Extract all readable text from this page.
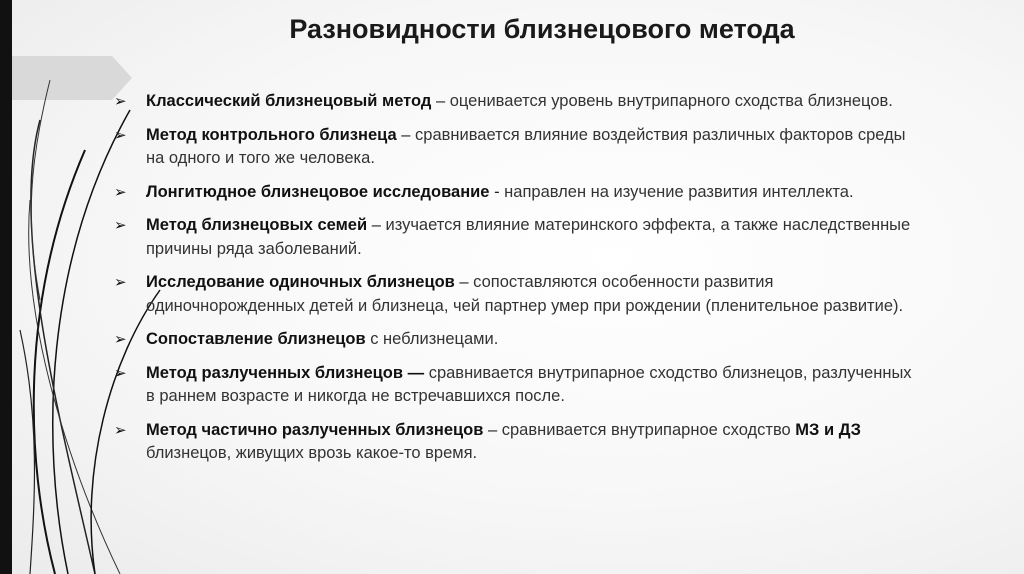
Разновидности близнецового метода
➢ Классический близнецовый метод – оценивается уровень внутрипарного сходства близнецов.
➢ Метод контрольного близнеца – сравнивается влияние воздействия различных факторов среды на одного и того же человека.
➢ Лонгитюдное близнецовое исследование - направлен на изучение развития интеллекта.
➢ Метод близнецовых семей – изучается влияние материнского эффекта, а также наследственные причины ряда заболеваний.
➢ Исследование одиночных близнецов – сопоставляются особенности развития одиночнорожденных детей и близнеца, чей партнер умер при рождении (пленительное развитие).
➢ Сопоставление близнецов с неблизнецами.
➢ Метод разлученных близнецов — сравнивается внутрипарное сходство близнецов, разлученных в раннем возрасте и никогда не встречавшихся после.
➢ Метод частично разлученных близнецов – сравнивается внутрипарное сходство МЗ и ДЗ близнецов, живущих врозь какое-то время.
